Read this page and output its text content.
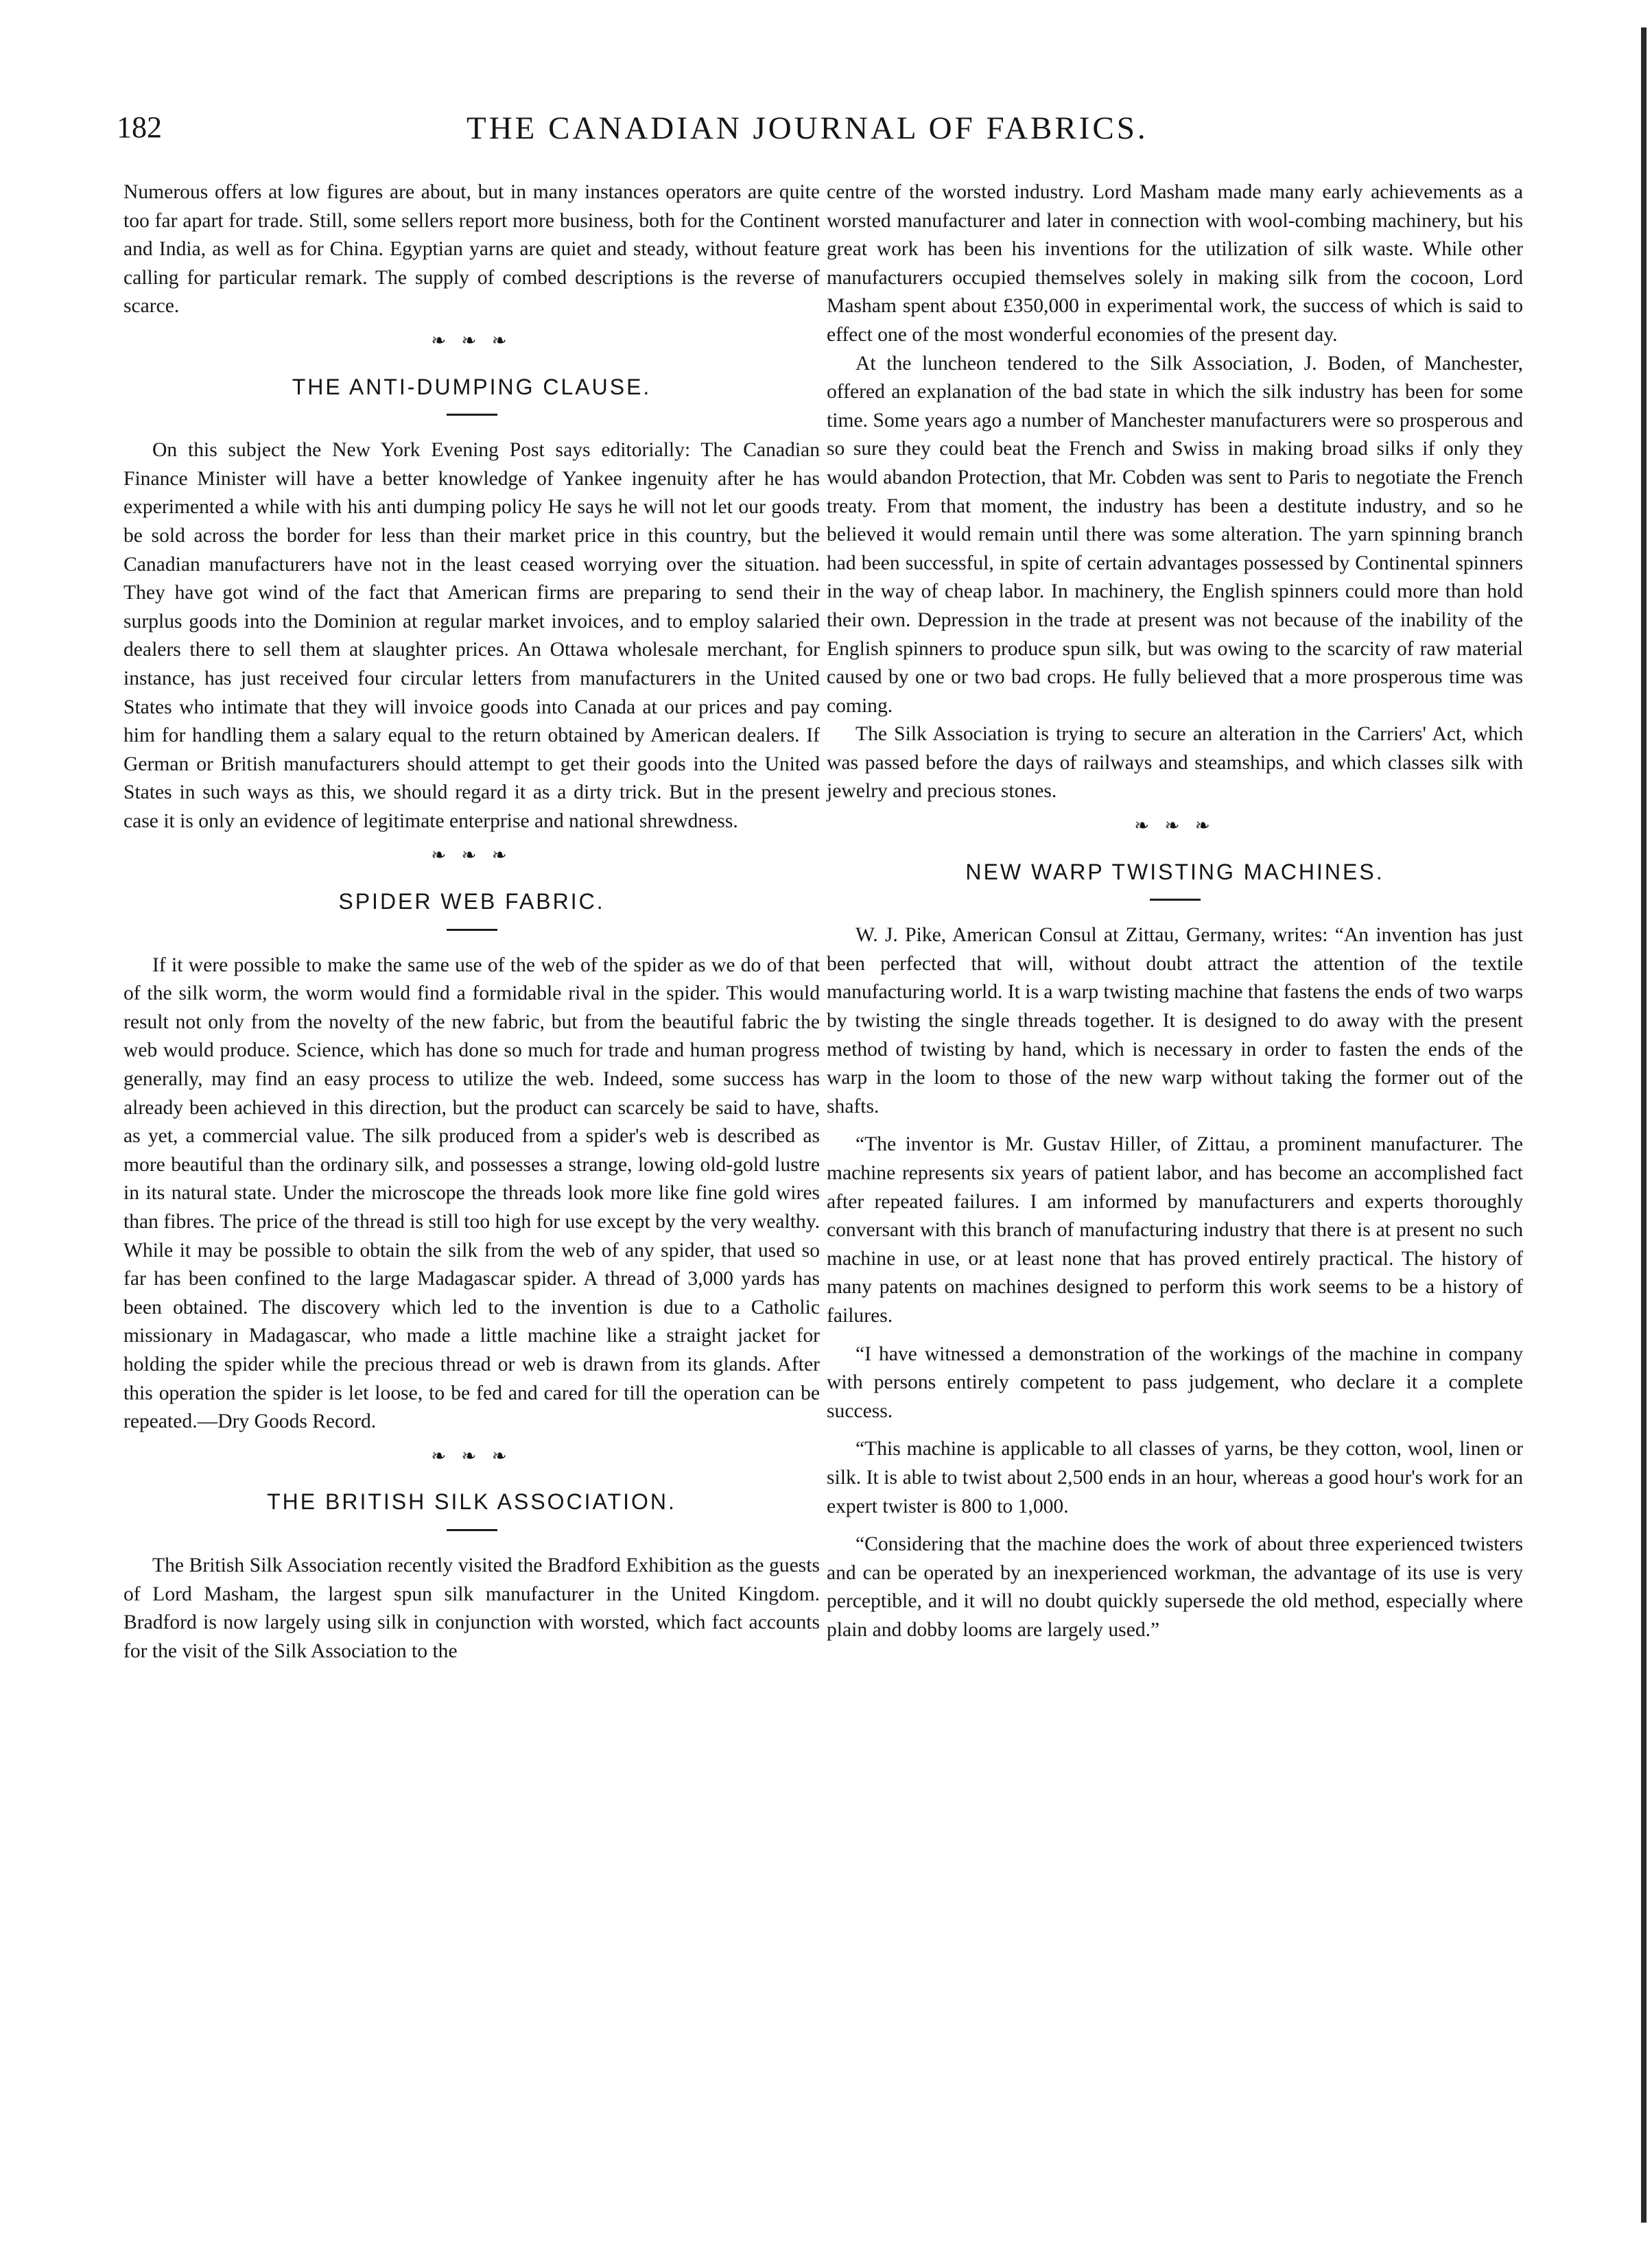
182	THE CANADIAN JOURNAL OF FABRICS.

Numerous offers at low figures are about, but in many instances operators are quite too far apart for trade. Still, some sellers report more business, both for the Continent and India, as well as for China. Egyptian yarns are quiet and steady, without feature calling for particular remark. The supply of combed descriptions is the reverse of scarce.

❧ ❧ ❧
THE ANTI-DUMPING CLAUSE.

On this subject the New York Evening Post says editorially: The Canadian Finance Minister will have a better knowledge of Yankee ingenuity after he has experimented a while with his anti dumping policy He says he will not let our goods be sold across the border for less than their market price in this country, but the Canadian manufacturers have not in the least ceased worrying over the situation. They have got wind of the fact that American firms are preparing to send their surplus goods into the Dominion at regular market invoices, and to employ salaried dealers there to sell them at slaughter prices. An Ottawa wholesale merchant, for instance, has just received four circular letters from manufacturers in the United States who intimate that they will invoice goods into Canada at our prices and pay him for handling them a salary equal to the return obtained by American dealers. If German or British manufacturers should attempt to get their goods into the United States in such ways as this, we should regard it as a dirty trick. But in the present case it is only an evidence of legitimate enterprise and national shrewdness.

❧ ❧ ❧
SPIDER WEB FABRIC.

If it were possible to make the same use of the web of the spider as we do of that of the silk worm, the worm would find a formidable rival in the spider. This would result not only from the novelty of the new fabric, but from the beautiful fabric the web would produce. Science, which has done so much for trade and human progress generally, may find an easy process to utilize the web. Indeed, some success has already been achieved in this direction, but the product can scarcely be said to have, as yet, a commercial value. The silk produced from a spider's web is described as more beautiful than the ordinary silk, and possesses a strange, lowing old-gold lustre in its natural state. Under the microscope the threads look more like fine gold wires than fibres. The price of the thread is still too high for use except by the very wealthy. While it may be possible to obtain the silk from the web of any spider, that used so far has been confined to the large Madagascar spider. A thread of 3,000 yards has been obtained. The discovery which led to the invention is due to a Catholic missionary in Madagascar, who made a little machine like a straight jacket for holding the spider while the precious thread or web is drawn from its glands. After this operation the spider is let loose, to be fed and cared for till the operation can be repeated.—Dry Goods Record.

❧ ❧ ❧
THE BRITISH SILK ASSOCIATION.

The British Silk Association recently visited the Bradford Exhibition as the guests of Lord Masham, the largest spun silk manufacturer in the United Kingdom. Bradford is now largely using silk in conjunction with worsted, which fact accounts for the visit of the Silk Association to the

centre of the worsted industry. Lord Masham made many early achievements as a worsted manufacturer and later in connection with wool-combing machinery, but his great work has been his inventions for the utilization of silk waste. While other manufacturers occupied themselves solely in making silk from the cocoon, Lord Masham spent about £350,000 in experimental work, the success of which is said to effect one of the most wonderful economies of the present day.

At the luncheon tendered to the Silk Association, J. Boden, of Manchester, offered an explanation of the bad state in which the silk industry has been for some time. Some years ago a number of Manchester manufacturers were so prosperous and so sure they could beat the French and Swiss in making broad silks if only they would abandon Protection, that Mr. Cobden was sent to Paris to negotiate the French treaty. From that moment, the industry has been a destitute industry, and so he believed it would remain until there was some alteration. The yarn spinning branch had been successful, in spite of certain advantages possessed by Continental spinners in the way of cheap labor. In machinery, the English spinners could more than hold their own. Depression in the trade at present was not because of the inability of the English spinners to produce spun silk, but was owing to the scarcity of raw material caused by one or two bad crops. He fully believed that a more prosperous time was coming.

The Silk Association is trying to secure an alteration in the Carriers' Act, which was passed before the days of railways and steamships, and which classes silk with jewelry and precious stones.

❧ ❧ ❧
NEW WARP TWISTING MACHINES.

W. J. Pike, American Consul at Zittau, Germany, writes: “An invention has just been perfected that will, without doubt attract the attention of the textile manufacturing world. It is a warp twisting machine that fastens the ends of two warps by twisting the single threads together. It is designed to do away with the present method of twisting by hand, which is necessary in order to fasten the ends of the warp in the loom to those of the new warp without taking the former out of the shafts.

“The inventor is Mr. Gustav Hiller, of Zittau, a prominent manufacturer. The machine represents six years of patient labor, and has become an accomplished fact after repeated failures. I am informed by manufacturers and experts thoroughly conversant with this branch of manufacturing industry that there is at present no such machine in use, or at least none that has proved entirely practical. The history of many patents on machines designed to perform this work seems to be a history of failures.

“I have witnessed a demonstration of the workings of the machine in company with persons entirely competent to pass judgement, who declare it a complete success.

“This machine is applicable to all classes of yarns, be they cotton, wool, linen or silk. It is able to twist about 2,500 ends in an hour, whereas a good hour's work for an expert twister is 800 to 1,000.

“Considering that the machine does the work of about three experienced twisters and can be operated by an inexperienced workman, the advantage of its use is very perceptible, and it will no doubt quickly supersede the old method, especially where plain and dobby looms are largely used.”
